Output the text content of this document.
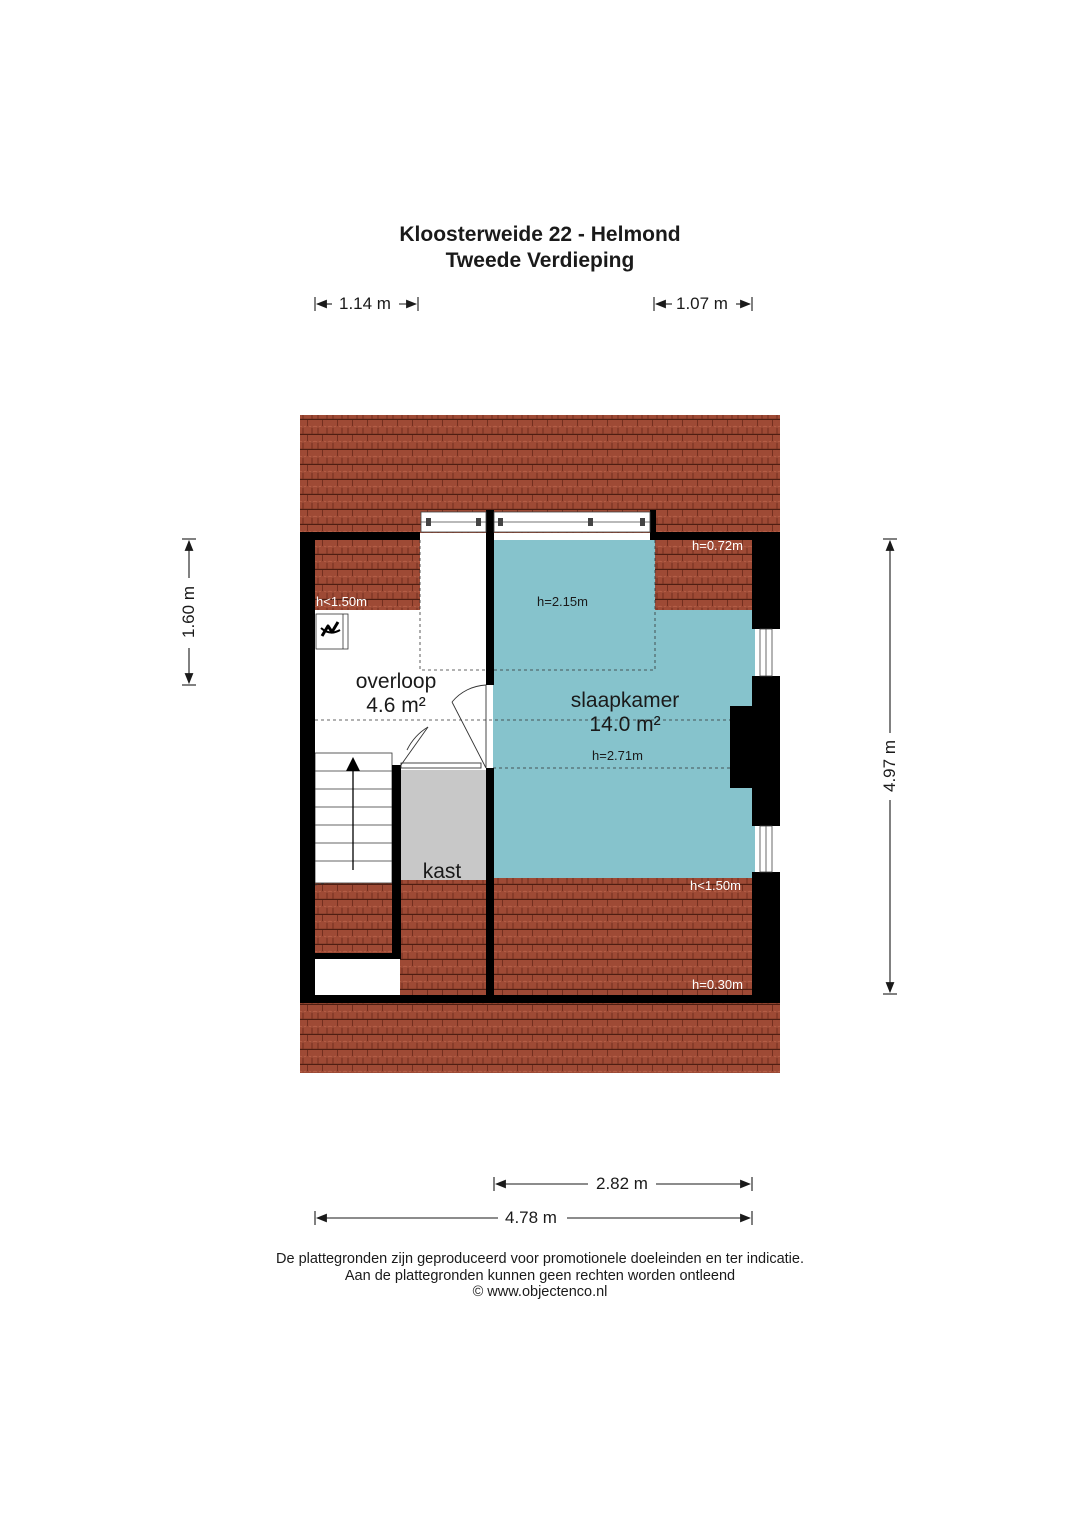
Kloosterweide 22 - Helmond
Tweede Verdieping
1.14 m	1.07 m
1.60 m
4.97 m
2.82 m
4.78 m
overloop
4.6 m²	slaapkamer
14.0 m²
kast
h=2.15m
h=2.71m
h=0.72m
h<1.50m
h<1.50m
h=0.30m
De plattegronden zijn geproduceerd voor promotionele doeleinden en ter indicatie.
Aan de plattegronden kunnen geen rechten worden ontleend
© www.objectenco.nl
